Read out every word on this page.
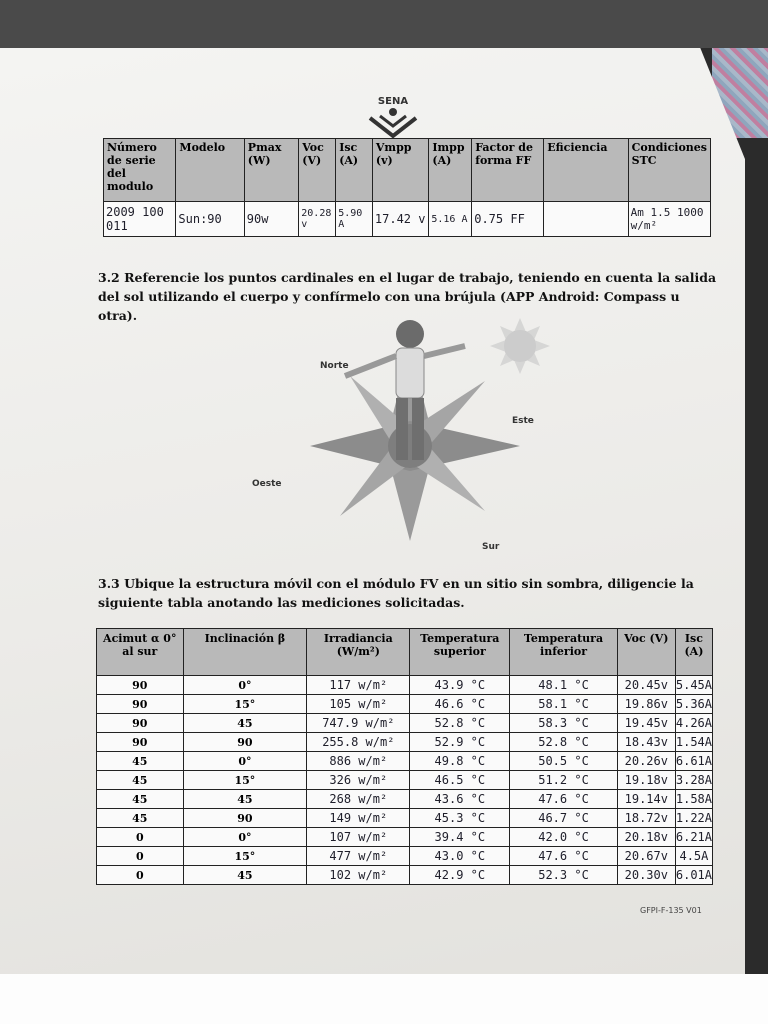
SENA
Número de serie del modulo	Modelo	Pmax (W)	Voc (V)	Isc (A)	Vmpp (v)	Impp (A)	Factor de forma FF	Eficiencia	Condiciones STC
2009 100 011	Sun:90	90w	20.28 v	5.90 A	17.42 v	5.16 A	0.75 FF		Am 1.5 1000 w/m²
3.2 Referencie los puntos cardinales en el lugar de trabajo, teniendo en cuenta la salida del sol utilizando el cuerpo y confírmelo con una brújula (APP Android: Compass u otra).
Norte
Este
Oeste
Sur
3.3 Ubique la estructura móvil con el módulo FV en un sitio sin sombra, diligencie la siguiente tabla anotando las mediciones solicitadas.
Acimut α 0° al sur	Inclinación β	Irradiancia (W/m²)	Temperatura superior	Temperatura inferior	Voc (V)	Isc (A)
90	0°	117 w/m²	43.9 °C	48.1 °C	20.45v	5.45A
90	15°	105 w/m²	46.6 °C	58.1 °C	19.86v	5.36A
90	45	747.9 w/m²	52.8 °C	58.3 °C	19.45v	4.26A
90	90	255.8 w/m²	52.9 °C	52.8 °C	18.43v	1.54A
45	0°	886 w/m²	49.8 °C	50.5 °C	20.26v	6.61A
45	15°	326 w/m²	46.5 °C	51.2 °C	19.18v	3.28A
45	45	268 w/m²	43.6 °C	47.6 °C	19.14v	1.58A
45	90	149 w/m²	45.3 °C	46.7 °C	18.72v	1.22A
0	0°	107 w/m²	39.4 °C	42.0 °C	20.18v	6.21A
0	15°	477 w/m²	43.0 °C	47.6 °C	20.67v	4.5A
0	45	102 w/m²	42.9 °C	52.3 °C	20.30v	6.01A
GFPI-F-135 V01
